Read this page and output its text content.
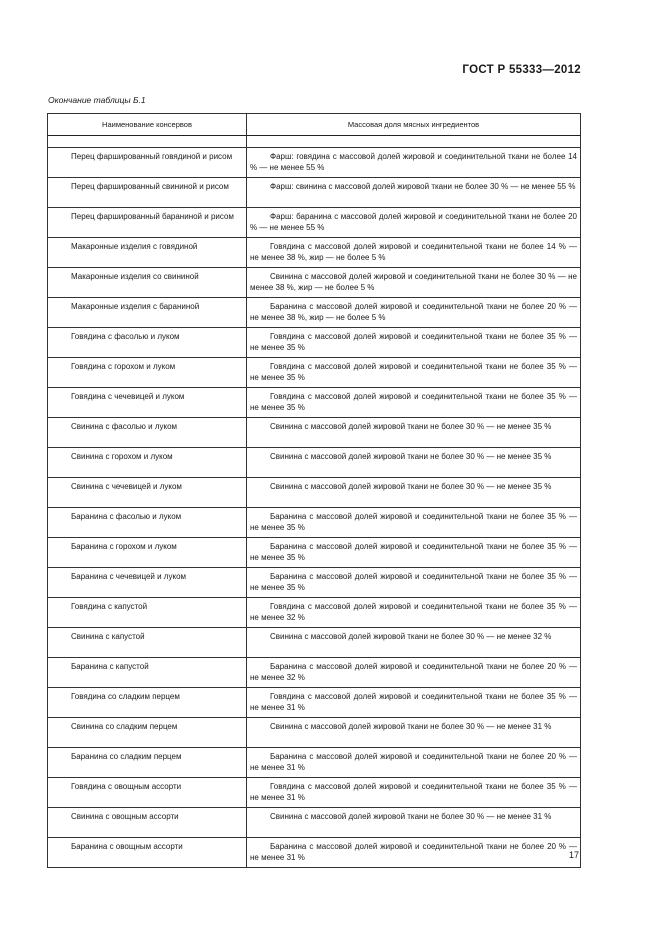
ГОСТ Р 55333—2012
Окончание таблицы Б.1
Наименование консервов	Массовая доля мясных ингредиентов

Перец фаршированный говядиной и рисом	Фарш: говядина с массовой долей жировой и соединительной ткани не более 14 % — не менее 55 %
Перец фаршированный свининой и рисом	Фарш: свинина с массовой долей жировой ткани не более 30 % — не менее 55 %
Перец фаршированный бараниной и рисом	Фарш: баранина с массовой долей жировой и соединительной ткани не более 20 % — не менее 55 %
Макаронные изделия с говядиной	Говядина с массовой долей жировой и соединительной ткани не более 14 % — не менее 38 %, жир — не более 5 %
Макаронные изделия со свининой	Свинина с массовой долей жировой и соединительной ткани не более 30 % — не менее 38 %, жир — не более 5 %
Макаронные изделия с бараниной	Баранина с массовой долей жировой и соединительной ткани не более 20 % — не менее 38 %, жир — не более 5 %
Говядина с фасолью и луком	Говядина с массовой долей жировой и соединительной ткани не более 35 % — не менее 35 %
Говядина с горохом и луком	Говядина с массовой долей жировой и соединительной ткани не более 35 % — не менее 35 %
Говядина с чечевицей и луком	Говядина с массовой долей жировой и соединительной ткани не более 35 % — не менее 35 %
Свинина с фасолью и луком	Свинина с массовой долей жировой ткани не более 30 % — не менее 35 %
Свинина с горохом и луком	Свинина с массовой долей жировой ткани не более 30 % — не менее 35 %
Свинина с чечевицей и луком	Свинина с массовой долей жировой ткани не более 30 % — не менее 35 %
Баранина с фасолью и луком	Баранина с массовой долей жировой и соединительной ткани не более 35 % — не менее 35 %
Баранина с горохом и луком	Баранина с массовой долей жировой и соединительной ткани не более 35 % — не менее 35 %
Баранина с чечевицей и луком	Баранина с массовой долей жировой и соединительной ткани не более 35 % — не менее 35 %
Говядина с капустой	Говядина с массовой долей жировой и соединительной ткани не более 35 % — не менее 32 %
Свинина с капустой	Свинина с массовой долей жировой ткани не более 30 % — не менее 32 %
Баранина с капустой	Баранина с массовой долей жировой и соединительной ткани не более 20 % — не менее 32 %
Говядина со сладким перцем	Говядина с массовой долей жировой и соединительной ткани не более 35 % — не менее 31 %
Свинина со сладким перцем	Свинина с массовой долей жировой ткани не более 30 % — не менее 31 %
Баранина со сладким перцем	Баранина с массовой долей жировой и соединительной ткани не более 20 % — не менее 31 %
Говядина с овощным ассорти	Говядина с массовой долей жировой и соединительной ткани не более 35 % — не менее 31 %
Свинина с овощным ассорти	Свинина с массовой долей жировой ткани не более 30 % — не менее 31 %
Баранина с овощным ассорти	Баранина с массовой долей жировой и соединительной ткани не более 20 % — не менее 31 %	17
